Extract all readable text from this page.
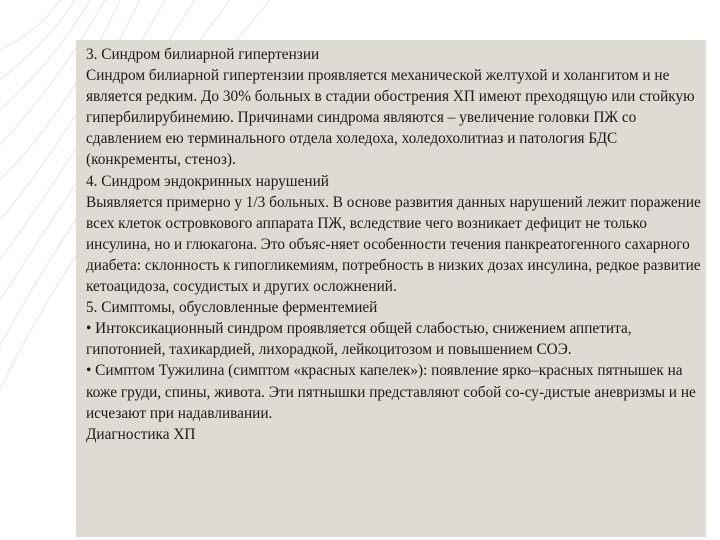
3. Синдром билиарной гипертензии

Синдром билиарной гипертензии проявляется механической желтухой и холангитом и не является редким. До 30% больных в стадии обострения ХП имеют преходящую или стойкую гипербилирубинемию. Причинами синдрома являются – увеличение головки ПЖ со сдавлением ею терминального отдела холедоха, холедохолитиаз и патология БДС (конкременты, стеноз).

4. Синдром эндокринных нарушений

Выявляется примерно у 1/3 больных. В основе развития данных нарушений лежит поражение всех клеток островкового аппарата ПЖ, вследствие чего возникает дефицит не только инсулина, но и глюкагона. Это объяс-няет особенности течения панкреатогенного сахарного диабета: склонность к гипогликемиям, потребность в низких дозах инсулина, редкое развитие кетоацидоза, сосудистых и других осложнений.

5. Симптомы, обусловленные ферментемией

• Интоксикационный синдром проявляется общей слабостью, снижением аппетита, гипотонией, тахикардией, лихорадкой, лейкоцитозом и повышением СОЭ.

• Симптом Тужилина (симптом «красных капелек»): появление ярко–красных пятнышек на коже груди, спины, живота. Эти пятнышки представляют собой со-су-дистые аневризмы и не исчезают при надавливании.

Диагностика ХП
